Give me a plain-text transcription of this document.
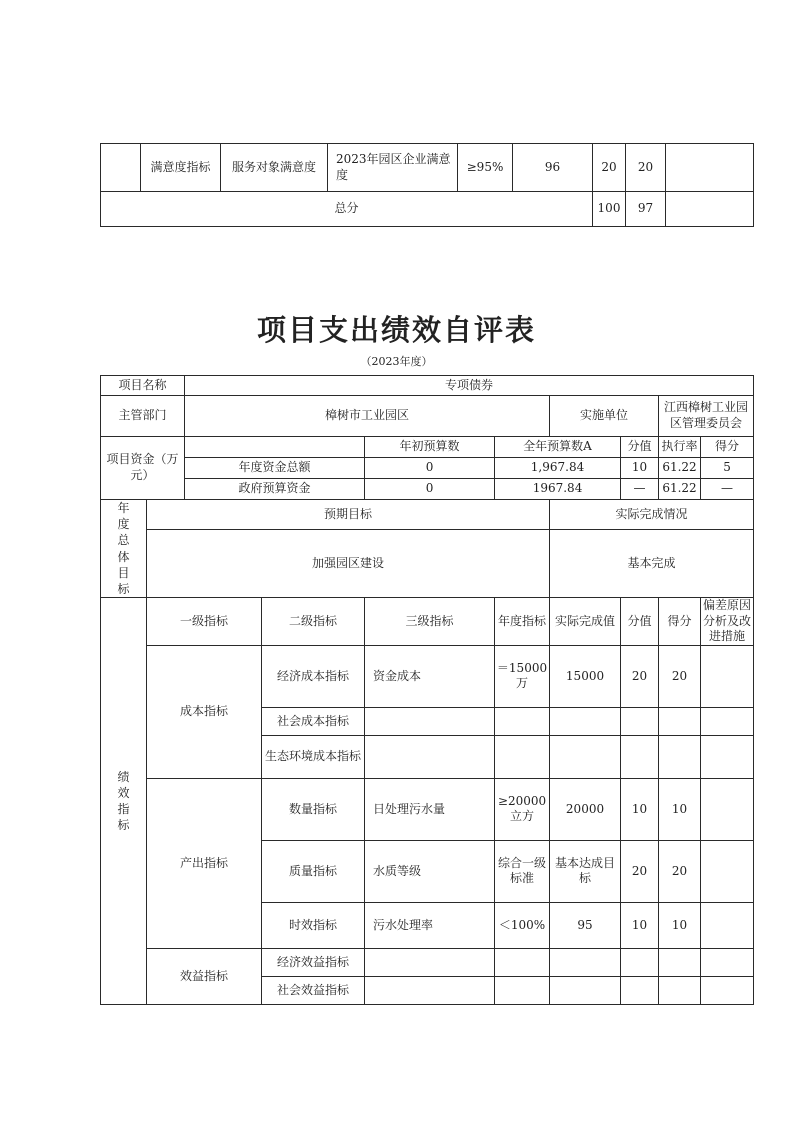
	满意度指标	服务对象满意度	2023年园区企业满意度	≥95%	96	20	20	
总分						100	97	
项目支出绩效自评表
（2023年度）
项目名称		专项债券							
主管部门		樟树市工业园区				实施单位		江西樟树工业园区管理委员会	
项目资金（万元）				年初预算数	全年预算数A		分值	执行率	得分
		年度资金总额		0	1,967.84		10	61.22	5
		政府预算资金		0	1967.84		—	61.22	—

年度总体目标	预期目标					实际完成情况			
	加强园区建设					基本完成			

绩效指标	一级指标		二级指标	三级指标	年度指标	实际完成值	分值	得分	偏差原因分析及改进措施
	成本指标		经济成本指标	资金成本	＝15000万	15000	20	20	
			社会成本指标						
			生态环境成本指标						
	产出指标		数量指标	日处理污水量	≥20000立方	20000	10	10	
			质量指标	水质等级	综合一级标准	基本达成目标	20	20	
			时效指标	污水处理率	＜100%	95	10	10	
	效益指标		经济效益指标						
			社会效益指标						
